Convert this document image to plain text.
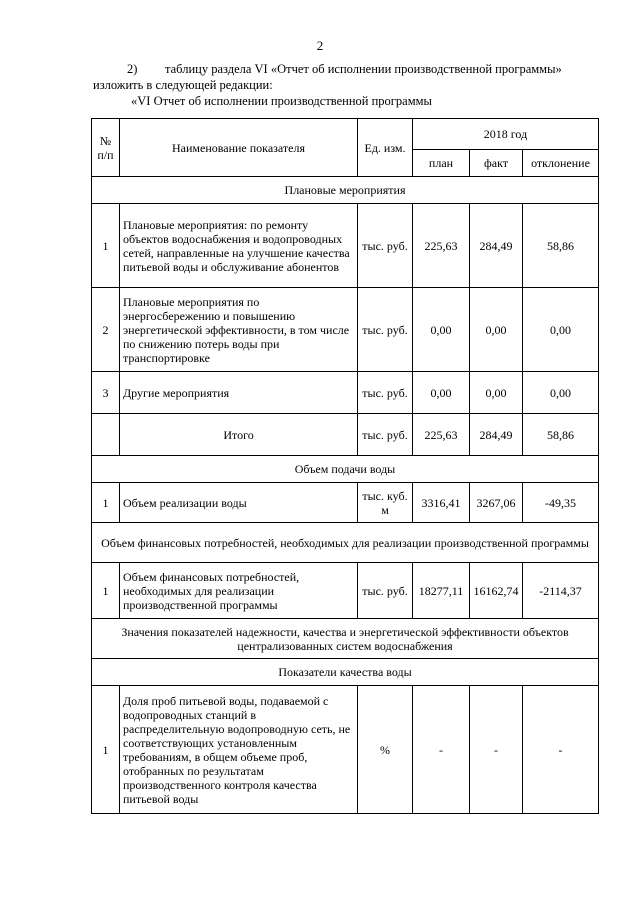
2
2) таблицу раздела VI «Отчет об исполнении производственной программы»
изложить в следующей редакции:
«VI Отчет об исполнении производственной программы
№ п/п	Наименование показателя	Ед. изм.	2018 год		
			план	факт	отклонение
Плановые мероприятия					
1	Плановые мероприятия: по ремонту объектов водоснабжения и водопроводных сетей, направленные на улучшение качества питьевой воды и обслуживание абонентов	тыс. руб.	225,63	284,49	58,86
2	Плановые мероприятия по энергосбережению и повышению энергетической эффективности, в том числе по снижению потерь воды при транспортировке	тыс. руб.	0,00	0,00	0,00
3	Другие мероприятия	тыс. руб.	0,00	0,00	0,00
	Итого	тыс. руб.	225,63	284,49	58,86
Объем подачи воды					
1	Объем реализации воды	тыс. куб. м	3316,41	3267,06	-49,35
Объем финансовых потребностей, необходимых для реализации производственной программы					
1	Объем финансовых потребностей, необходимых для реализации производственной программы	тыс. руб.	18277,11	16162,74	-2114,37
Значения показателей надежности, качества и энергетической эффективности объектов централизованных систем водоснабжения					
Показатели качества воды					
1	Доля проб питьевой воды, подаваемой с водопроводных станций в распределительную водопроводную сеть, не соответствующих установленным требованиям, в общем объеме проб, отобранных по результатам производственного контроля качества питьевой воды	%	-	-	-
